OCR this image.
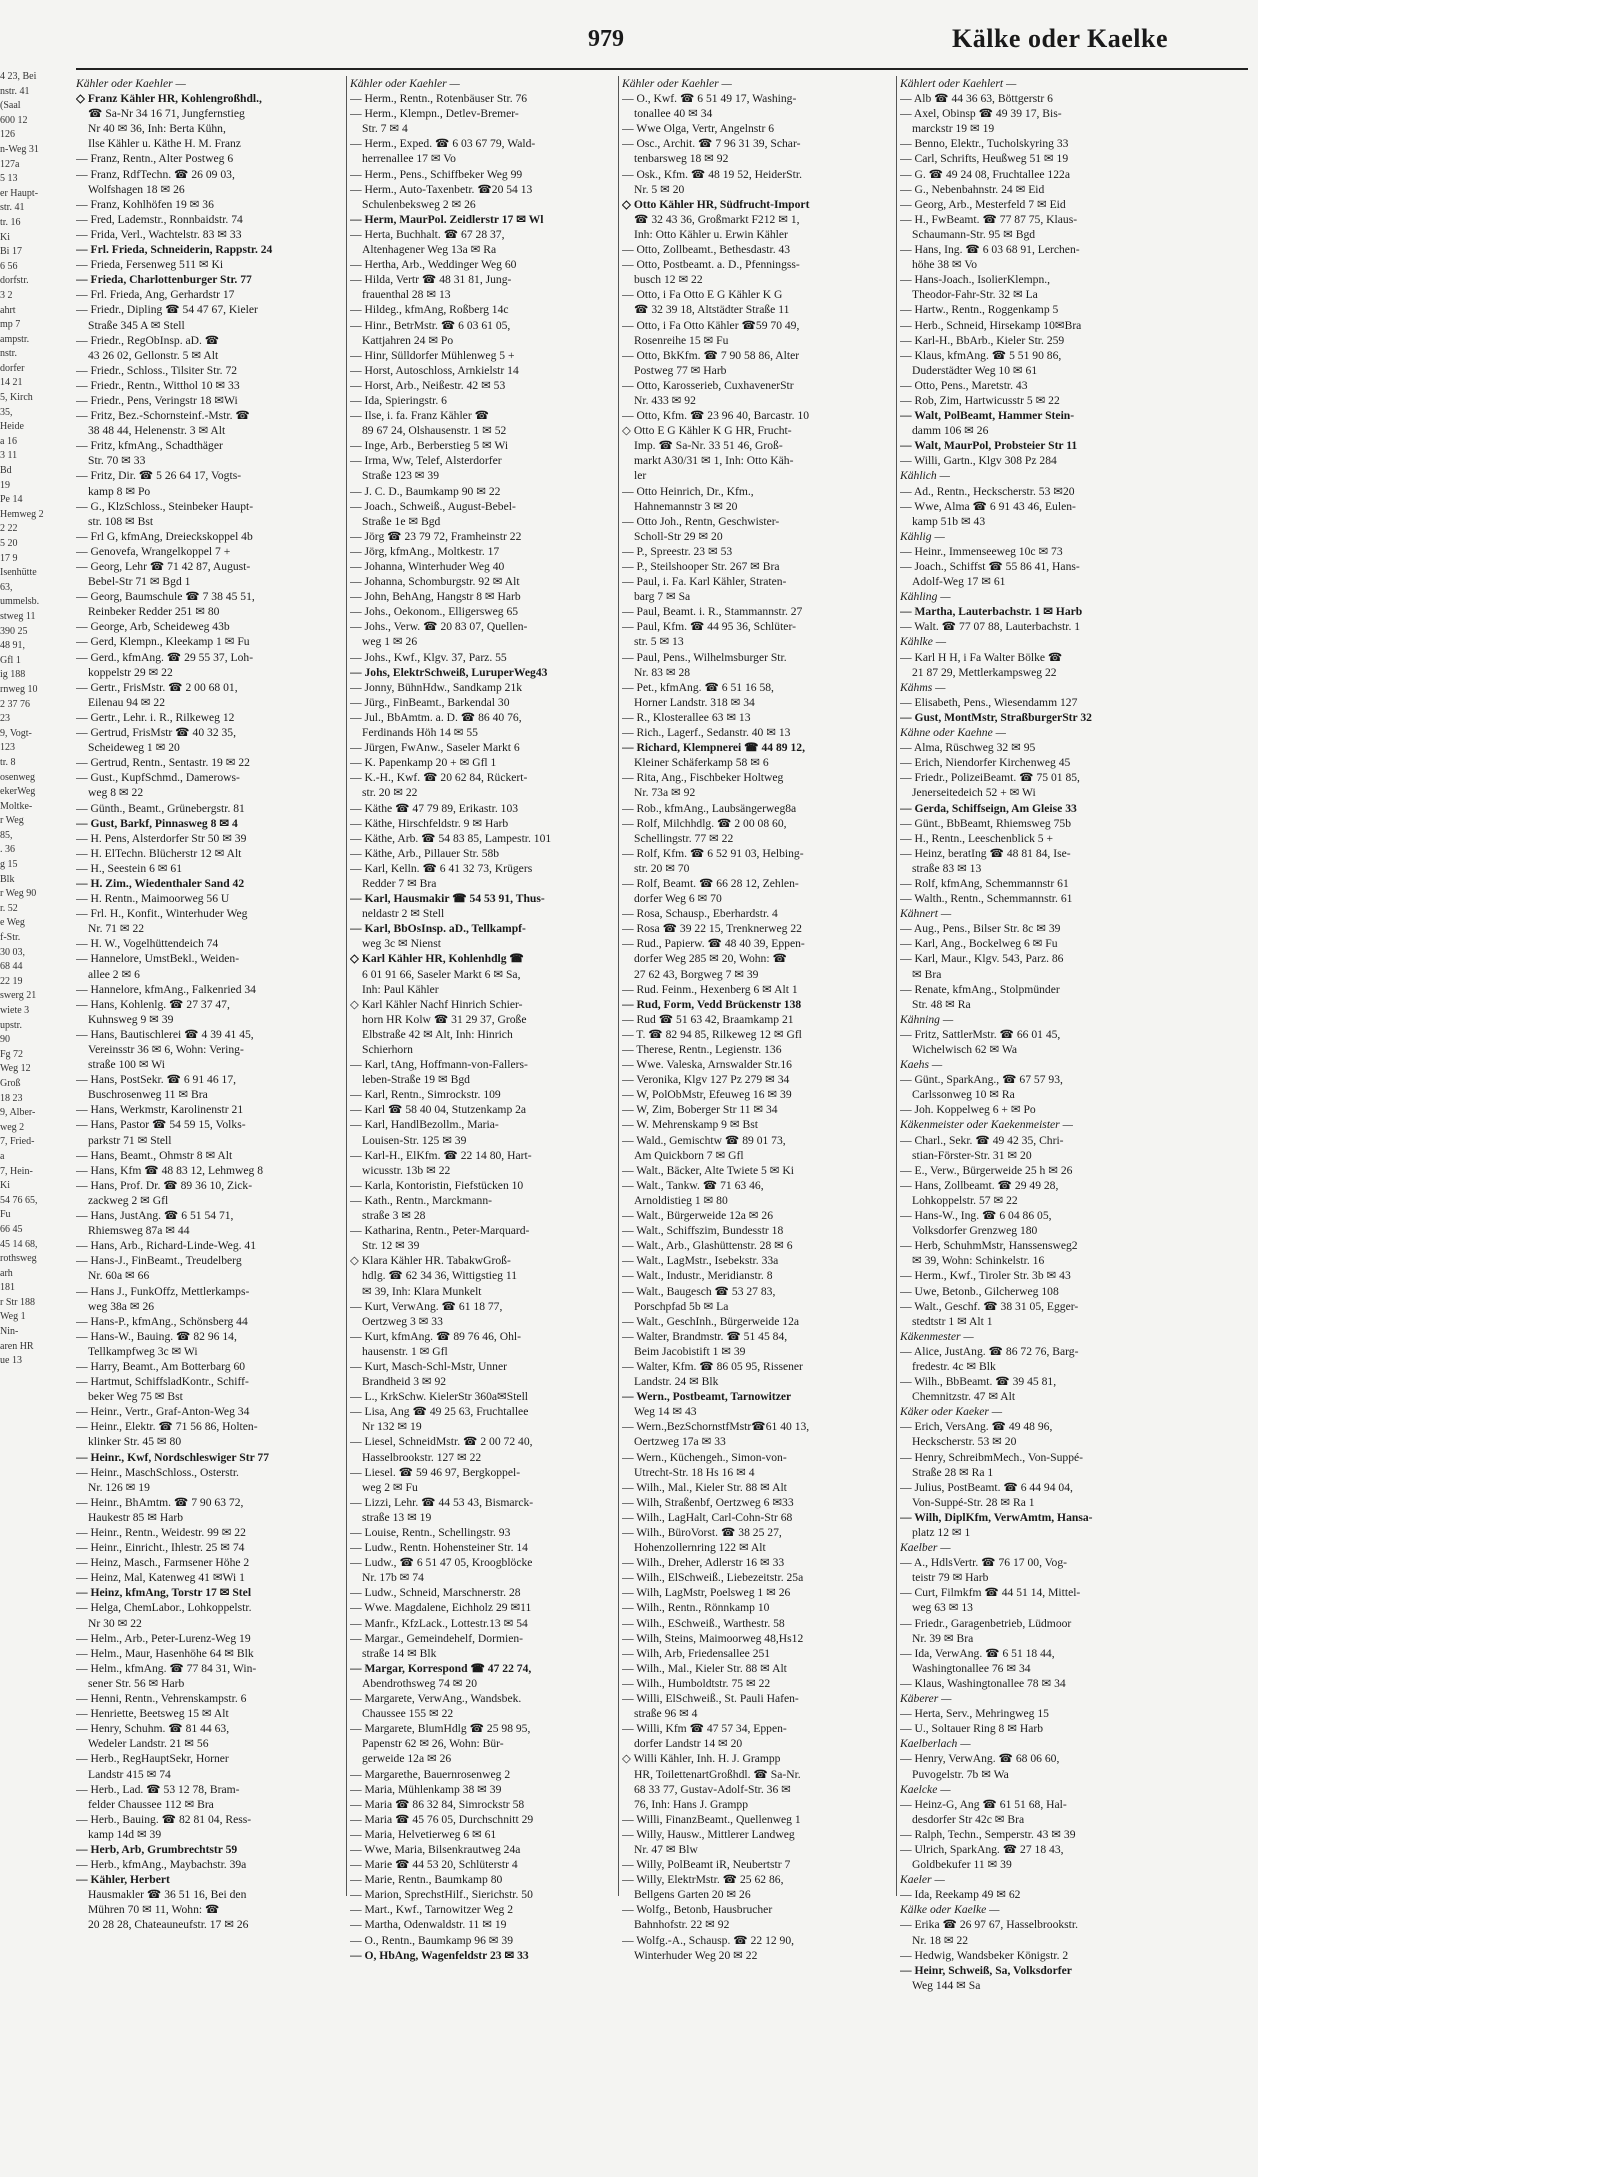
4 23, Bei
nstr. 41
(Saal
600 12
126
n-Weg 31
127a
5 13
er Haupt-
str. 41
tr. 16
Ki
Bi 17
6 56
dorfstr.
3 2
ahrt
mp 7
ampstr.
nstr.
dorfer
14 21
5, Kirch
35,
Heide
a 16
3 11
Bd
19
Pe 14
Hemweg 2
2 22
5 20
17 9
Isenhütte
63,
ummelsb.
stweg 11
390 25
48 91,
Gfl 1
ig 188
rnweg 10
2 37 76
23
9, Vogt-
123
tr. 8
osenweg
ekerWeg
Moltke-
r Weg
85,
. 36
g 15
Blk
r Weg 90
r. 52
e Weg
f-Str.
30 03,
68 44
22 19
swerg 21
wiete 3
upstr.
90
Fg 72
Weg 12
Groß
18 23
9, Alber-
weg 2
7, Fried-
a
7, Hein-
Ki
54 76 65,
Fu
66 45
45 14 68,
rothsweg
arh
181
r Str 188
Weg 1
Nin-
aren HR
ue 13
979	Kälke oder Kaelke
Kähler oder Kaehler —
◇ Franz Kähler HR, Kohlengroßhdl.,
☎ Sa-Nr 34 16 71, Jungfernstieg
Nr 40 ✉ 36, Inh: Berta Kühn,
Ilse Kähler u. Käthe H. M. Franz
— Franz, Rentn., Alter Postweg 6
— Franz, RdfTechn. ☎ 26 09 03,
Wolfshagen 18 ✉ 26
— Franz, Kohlhöfen 19 ✉ 36
— Fred, Lademstr., Ronnbaidstr. 74
— Frida, Verl., Wachtelstr. 83 ✉ 33
— Frl. Frieda, Schneiderin, Rappstr. 24
— Frieda, Fersenweg 511 ✉ Ki
— Frieda, Charlottenburger Str. 77
— Frl. Frieda, Ang, Gerhardstr 17
— Friedr., Dipling ☎ 54 47 67, Kieler
Straße 345 A ✉ Stell
— Friedr., RegObInsp. aD. ☎
43 26 02, Gellonstr. 5 ✉ Alt
— Friedr., Schloss., Tilsiter Str. 72
— Friedr., Rentn., Witthol 10 ✉ 33
— Friedr., Pens, Veringstr 18 ✉Wi
— Fritz, Bez.-Schornsteinf.-Mstr. ☎
38 48 44, Helenenstr. 3 ✉ Alt
— Fritz, kfmAng., Schadthäger
Str. 70 ✉ 33
— Fritz, Dir. ☎ 5 26 64 17, Vogts-
kamp 8 ✉ Po
— G., KlzSchloss., Steinbeker Haupt-
str. 108 ✉ Bst
— Frl G, kfmAng, Dreieckskoppel 4b
— Genovefa, Wrangelkoppel 7 +
— Georg, Lehr ☎ 71 42 87, August-
Bebel-Str 71 ✉ Bgd 1
— Georg, Baumschule ☎ 7 38 45 51,
Reinbeker Redder 251 ✉ 80
— George, Arb, Scheideweg 43b
— Gerd, Klempn., Kleekamp 1 ✉ Fu
— Gerd., kfmAng. ☎ 29 55 37, Loh-
koppelstr 29 ✉ 22
— Gertr., FrisMstr. ☎ 2 00 68 01,
Eilenau 94 ✉ 22
— Gertr., Lehr. i. R., Rilkeweg 12
— Gertrud, FrisMstr ☎ 40 32 35,
Scheideweg 1 ✉ 20
— Gertrud, Rentn., Sentastr. 19 ✉ 22
— Gust., KupfSchmd., Damerows-
weg 8 ✉ 22
— Günth., Beamt., Grünebergstr. 81
— Gust, Barkf, Pinnasweg 8 ✉ 4
— H. Pens, Alsterdorfer Str 50 ✉ 39
— H. ElTechn. Blücherstr 12 ✉ Alt
— H., Seestein 6 ✉ 61
— H. Zim., Wiedenthaler Sand 42
— H. Rentn., Maimoorweg 56 U
— Frl. H., Konfit., Winterhuder Weg
Nr. 71 ✉ 22
— H. W., Vogelhüttendeich 74
— Hannelore, UmstBekl., Weiden-
allee 2 ✉ 6
— Hannelore, kfmAng., Falkenried 34
— Hans, Kohlenlg. ☎ 27 37 47,
Kuhnsweg 9 ✉ 39
— Hans, Bautischlerei ☎ 4 39 41 45,
Vereinsstr 36 ✉ 6, Wohn: Vering-
straße 100 ✉ Wi
— Hans, PostSekr. ☎ 6 91 46 17,
Buschrosenweg 11 ✉ Bra
— Hans, Werkmstr, Karolinenstr 21
— Hans, Pastor ☎ 54 59 15, Volks-
parkstr 71 ✉ Stell
— Hans, Beamt., Ohmstr 8 ✉ Alt
— Hans, Kfm ☎ 48 83 12, Lehmweg 8
— Hans, Prof. Dr. ☎ 89 36 10, Zick-
zackweg 2 ✉ Gfl
— Hans, JustAng. ☎ 6 51 54 71,
Rhiemsweg 87a ✉ 44
— Hans, Arb., Richard-Linde-Weg. 41
— Hans-J., FinBeamt., Treudelberg
Nr. 60a ✉ 66
— Hans J., FunkOffz, Mettlerkamps-
weg 38a ✉ 26
— Hans-P., kfmAng., Schönsberg 44
— Hans-W., Bauing. ☎ 82 96 14,
Tellkampfweg 3c ✉ Wi
— Harry, Beamt., Am Botterbarg 60
— Hartmut, SchiffsladKontr., Schiff-
beker Weg 75 ✉ Bst
— Heinr., Vertr., Graf-Anton-Weg 34
— Heinr., Elektr. ☎ 71 56 86, Holten-
klinker Str. 45 ✉ 80
— Heinr., Kwf, Nordschleswiger Str 77
— Heinr., MaschSchloss., Osterstr.
Nr. 126 ✉ 19
— Heinr., BhAmtm. ☎ 7 90 63 72,
Haukestr 85 ✉ Harb
— Heinr., Rentn., Weidestr. 99 ✉ 22
— Heinr., Einricht., Ihlestr. 25 ✉ 74
— Heinz, Masch., Farmsener Höhe 2
— Heinz, Mal, Katenweg 41 ✉Wi 1
— Heinz, kfmAng, Torstr 17 ✉ Stel
— Helga, ChemLabor., Lohkoppelstr.
Nr 30 ✉ 22
— Helm., Arb., Peter-Lurenz-Weg 19
— Helm., Maur, Hasenhöhe 64 ✉ Blk
— Helm., kfmAng. ☎ 77 84 31, Win-
sener Str. 56 ✉ Harb
— Henni, Rentn., Vehrenskampstr. 6
— Henriette, Beetsweg 15 ✉ Alt
— Henry, Schuhm. ☎ 81 44 63,
Wedeler Landstr. 21 ✉ 56
— Herb., RegHauptSekr, Horner
Landstr 415 ✉ 74
— Herb., Lad. ☎ 53 12 78, Bram-
felder Chaussee 112 ✉ Bra
— Herb., Bauing. ☎ 82 81 04, Ress-
kamp 14d ✉ 39
— Herb, Arb, Grumbrechtstr 59
— Herb., kfmAng., Maybachstr. 39a
— Kähler, Herbert
Hausmakler ☎ 36 51 16, Bei den
Mühren 70 ✉ 11, Wohn: ☎
20 28 28, Chateauneufstr. 17 ✉ 26
Kähler oder Kaehler —
— Herm., Rentn., Rotenbäuser Str. 76
— Herm., Klempn., Detlev-Bremer-
Str. 7 ✉ 4
— Herm., Exped. ☎ 6 03 67 79, Wald-
herrenallee 17 ✉ Vo
— Herm., Pens., Schiffbeker Weg 99
— Herm., Auto-Taxenbetr. ☎20 54 13
Schulenbeksweg 2 ✉ 26
— Herm, MaurPol. Zeidlerstr 17 ✉ Wl
— Herta, Buchhalt. ☎ 67 28 37,
Altenhagener Weg 13a ✉ Ra
— Hertha, Arb., Weddinger Weg 60
— Hilda, Vertr ☎ 48 31 81, Jung-
frauenthal 28 ✉ 13
— Hildeg., kfmAng, Roßberg 14c
— Hinr., BetrMstr. ☎ 6 03 61 05,
Kattjahren 24 ✉ Po
— Hinr, Sülldorfer Mühlenweg 5 +
— Horst, Autoschloss, Arnkielstr 14
— Horst, Arb., Neißestr. 42 ✉ 53
— Ida, Spieringstr. 6
— Ilse, i. fa. Franz Kähler ☎
89 67 24, Olshausenstr. 1 ✉ 52
— Inge, Arb., Berberstieg 5 ✉ Wi
— Irma, Ww, Telef, Alsterdorfer
Straße 123 ✉ 39
— J. C. D., Baumkamp 90 ✉ 22
— Joach., Schweiß., August-Bebel-
Straße 1e ✉ Bgd
— Jörg ☎ 23 79 72, Framheinstr 22
— Jörg, kfmAng., Moltkestr. 17
— Johanna, Winterhuder Weg 40
— Johanna, Schomburgstr. 92 ✉ Alt
— John, BehAng, Hangstr 8 ✉ Harb
— Johs., Oekonom., Elligersweg 65
— Johs., Verw. ☎ 20 83 07, Quellen-
weg 1 ✉ 26
— Johs., Kwf., Klgv. 37, Parz. 55
— Johs, ElektrSchweiß, LuruperWeg43
— Jonny, BühnHdw., Sandkamp 21k
— Jürg., FinBeamt., Barkendal 30
— Jul., BbAmtm. a. D. ☎ 86 40 76,
Ferdinands Höh 14 ✉ 55
— Jürgen, FwAnw., Saseler Markt 6
— K. Papenkamp 20 + ✉ Gfl 1
— K.-H., Kwf. ☎ 20 62 84, Rückert-
str. 20 ✉ 22
— Käthe ☎ 47 79 89, Erikastr. 103
— Käthe, Hirschfeldstr. 9 ✉ Harb
— Käthe, Arb. ☎ 54 83 85, Lampestr. 101
— Käthe, Arb., Pillauer Str. 58b
— Karl, Kelln. ☎ 6 41 32 73, Krügers
Redder 7 ✉ Bra
— Karl, Hausmakir ☎ 54 53 91, Thus-
neldastr 2 ✉ Stell
— Karl, BbOsInsp. aD., Tellkampf-
weg 3c ✉ Nienst
◇ Karl Kähler HR, Kohlenhdlg ☎
6 01 91 66, Saseler Markt 6 ✉ Sa,
Inh: Paul Kähler
◇ Karl Kähler Nachf Hinrich Schier-
horn HR Kolw ☎ 31 29 37, Große
Elbstraße 42 ✉ Alt, Inh: Hinrich
Schierhorn
— Karl, tAng, Hoffmann-von-Fallers-
leben-Straße 19 ✉ Bgd
— Karl, Rentn., Simrockstr. 109
— Karl ☎ 58 40 04, Stutzenkamp 2a
— Karl, HandlBezollm., Maria-
Louisen-Str. 125 ✉ 39
— Karl-H., ElKfm. ☎ 22 14 80, Hart-
wicusstr. 13b ✉ 22
— Karla, Kontoristin, Fiefstücken 10
— Kath., Rentn., Marckmann-
straße 3 ✉ 28
— Katharina, Rentn., Peter-Marquard-
Str. 12 ✉ 39
◇ Klara Kähler HR. TabakwGroß-
hdlg. ☎ 62 34 36, Wittigstieg 11
✉ 39, Inh: Klara Munkelt
— Kurt, VerwAng. ☎ 61 18 77,
Oertzweg 3 ✉ 33
— Kurt, kfmAng. ☎ 89 76 46, Ohl-
hausenstr. 1 ✉ Gfl
— Kurt, Masch-Schl-Mstr, Unner
Brandheid 3 ✉ 92
— L., KrkSchw. KielerStr 360a✉Stell
— Lisa, Ang ☎ 49 25 63, Fruchtallee
Nr 132 ✉ 19
— Liesel, SchneidMstr. ☎ 2 00 72 40,
Hasselbrookstr. 127 ✉ 22
— Liesel. ☎ 59 46 97, Bergkoppel-
weg 2 ✉ Fu
— Lizzi, Lehr. ☎ 44 53 43, Bismarck-
straße 13 ✉ 19
— Louise, Rentn., Schellingstr. 93
— Ludw., Rentn. Hohensteiner Str. 14
— Ludw., ☎ 6 51 47 05, Kroogblöcke
Nr. 17b ✉ 74
— Ludw., Schneid, Marschnerstr. 28
— Wwe. Magdalene, Eichholz 29 ✉11
— Manfr., KfzLack., Lottestr.13 ✉ 54
— Margar., Gemeindehelf, Dormien-
straße 14 ✉ Blk
— Margar, Korrespond ☎ 47 22 74,
Abendrothsweg 74 ✉ 20
— Margarete, VerwAng., Wandsbek.
Chaussee 155 ✉ 22
— Margarete, BlumHdlg ☎ 25 98 95,
Papenstr 62 ✉ 26, Wohn: Bür-
gerweide 12a ✉ 26
— Margarethe, Bauernrosenweg 2
— Maria, Mühlenkamp 38 ✉ 39
— Maria ☎ 86 32 84, Simrockstr 58
— Maria ☎ 45 76 05, Durchschnitt 29
— Maria, Helvetierweg 6 ✉ 61
— Wwe, Maria, Bilsenkrautweg 24a
— Marie ☎ 44 53 20, Schlüterstr 4
— Marie, Rentn., Baumkamp 80
— Marion, SprechstHilf., Sierichstr. 50
— Mart., Kwf., Tarnowitzer Weg 2
— Martha, Odenwaldstr. 11 ✉ 19
— O., Rentn., Baumkamp 96 ✉ 39
— O, HbAng, Wagenfeldstr 23 ✉ 33
Kähler oder Kaehler —
— O., Kwf. ☎ 6 51 49 17, Washing-
tonallee 40 ✉ 34
— Wwe Olga, Vertr, Angelnstr 6
— Osc., Archit. ☎ 7 96 31 39, Schar-
tenbarsweg 18 ✉ 92
— Osk., Kfm. ☎ 48 19 52, HeiderStr.
Nr. 5 ✉ 20
◇ Otto Kähler HR, Südfrucht-Import
☎ 32 43 36, Großmarkt F212 ✉ 1,
Inh: Otto Kähler u. Erwin Kähler
— Otto, Zollbeamt., Bethesdastr. 43
— Otto, Postbeamt. a. D., Pfenningss-
busch 12 ✉ 22
— Otto, i Fa Otto E G Kähler K G
☎ 32 39 18, Altstädter Straße 11
— Otto, i Fa Otto Kähler ☎59 70 49,
Rosenreihe 15 ✉ Fu
— Otto, BkKfm. ☎ 7 90 58 86, Alter
Postweg 77 ✉ Harb
— Otto, Karosserieb, CuxhavenerStr
Nr. 433 ✉ 92
— Otto, Kfm. ☎ 23 96 40, Barcastr. 10
◇ Otto E G Kähler K G HR, Frucht-
Imp. ☎ Sa-Nr. 33 51 46, Groß-
markt A30/31 ✉ 1, Inh: Otto Käh-
ler
— Otto Heinrich, Dr., Kfm.,
Hahnemannstr 3 ✉ 20
— Otto Joh., Rentn, Geschwister-
Scholl-Str 29 ✉ 20
— P., Spreestr. 23 ✉ 53
— P., Steilshooper Str. 267 ✉ Bra
— Paul, i. Fa. Karl Kähler, Straten-
barg 7 ✉ Sa
— Paul, Beamt. i. R., Stammannstr. 27
— Paul, Kfm. ☎ 44 95 36, Schlüter-
str. 5 ✉ 13
— Paul, Pens., Wilhelmsburger Str.
Nr. 83 ✉ 28
— Pet., kfmAng. ☎ 6 51 16 58,
Horner Landstr. 318 ✉ 34
— R., Klosterallee 63 ✉ 13
— Rich., Lagerf., Sedanstr. 40 ✉ 13
— Richard, Klempnerei ☎ 44 89 12,
Kleiner Schäferkamp 58 ✉ 6
— Rita, Ang., Fischbeker Holtweg
Nr. 73a ✉ 92
— Rob., kfmAng., Laubsängerweg8a
— Rolf, Milchhdlg. ☎ 2 00 08 60,
Schellingstr. 77 ✉ 22
— Rolf, Kfm. ☎ 6 52 91 03, Helbing-
str. 20 ✉ 70
— Rolf, Beamt. ☎ 66 28 12, Zehlen-
dorfer Weg 6 ✉ 70
— Rosa, Schausp., Eberhardstr. 4
— Rosa ☎ 39 22 15, Trenknerweg 22
— Rud., Papierw. ☎ 48 40 39, Eppen-
dorfer Weg 285 ✉ 20, Wohn: ☎
27 62 43, Borgweg 7 ✉ 39
— Rud. Feinm., Hexenberg 6 ✉ Alt 1
— Rud, Form, Vedd Brückenstr 138
— Rud ☎ 51 63 42, Braamkamp 21
— T. ☎ 82 94 85, Rilkeweg 12 ✉ Gfl
— Therese, Rentn., Legienstr. 136
— Wwe. Valeska, Arnswalder Str.16
— Veronika, Klgv 127 Pz 279 ✉ 34
— W, PolObMstr, Efeuweg 16 ✉ 39
— W, Zim, Boberger Str 11 ✉ 34
— W. Mehrenskamp 9 ✉ Bst
— Wald., Gemischtw ☎ 89 01 73,
Am Quickborn 7 ✉ Gfl
— Walt., Bäcker, Alte Twiete 5 ✉ Ki
— Walt., Tankw. ☎ 71 63 46,
Arnoldistieg 1 ✉ 80
— Walt., Bürgerweide 12a ✉ 26
— Walt., Schiffszim, Bundesstr 18
— Walt., Arb., Glashüttenstr. 28 ✉ 6
— Walt., LagMstr., Isebekstr. 33a
— Walt., Industr., Meridianstr. 8
— Walt., Baugesch ☎ 53 27 83,
Porschpfad 5b ✉ La
— Walt., GeschInh., Bürgerweide 12a
— Walter, Brandmstr. ☎ 51 45 84,
Beim Jacobistift 1 ✉ 39
— Walter, Kfm. ☎ 86 05 95, Rissener
Landstr. 24 ✉ Blk
— Wern., Postbeamt, Tarnowitzer
Weg 14 ✉ 43
— Wern.,BezSchornstfMstr☎61 40 13,
Oertzweg 17a ✉ 33
— Wern., Küchengeh., Simon-von-
Utrecht-Str. 18 Hs 16 ✉ 4
— Wilh., Mal., Kieler Str. 88 ✉ Alt
— Wilh, Straßenbf, Oertzweg 6 ✉33
— Wilh., LagHalt, Carl-Cohn-Str 68
— Wilh., BüroVorst. ☎ 38 25 27,
Hohenzollernring 122 ✉ Alt
— Wilh., Dreher, Adlerstr 16 ✉ 33
— Wilh., ElSchweiß., Liebezeitstr. 25a
— Wilh, LagMstr, Poelsweg 1 ✉ 26
— Wilh., Rentn., Rönnkamp 10
— Wilh., ESchweiß., Warthestr. 58
— Wilh, Steins, Maimoorweg 48,Hs12
— Wilh, Arb, Friedensallee 251
— Wilh., Mal., Kieler Str. 88 ✉ Alt
— Wilh., Humboldtstr. 75 ✉ 22
— Willi, ElSchweiß., St. Pauli Hafen-
straße 96 ✉ 4
— Willi, Kfm ☎ 47 57 34, Eppen-
dorfer Landstr 14 ✉ 20
◇ Willi Kähler, Inh. H. J. Grampp
HR, ToilettenartGroßhdl. ☎ Sa-Nr.
68 33 77, Gustav-Adolf-Str. 36 ✉
76, Inh: Hans J. Grampp
— Willi, FinanzBeamt., Quellenweg 1
— Willy, Hausw., Mittlerer Landweg
Nr. 47 ✉ Blw
— Willy, PolBeamt iR, Neubertstr 7
— Willy, ElektrMstr. ☎ 25 62 86,
Bellgens Garten 20 ✉ 26
— Wolfg., Betonb, Hausbrucher
Bahnhofstr. 22 ✉ 92
— Wolfg.-A., Schausp. ☎ 22 12 90,
Winterhuder Weg 20 ✉ 22
Kählert oder Kaehlert —
— Alb ☎ 44 36 63, Böttgerstr 6
— Axel, Obinsp ☎ 49 39 17, Bis-
marckstr 19 ✉ 19
— Benno, Elektr., Tucholskyring 33
— Carl, Schrifts, Heußweg 51 ✉ 19
— G. ☎ 49 24 08, Fruchtallee 122a
— G., Nebenbahnstr. 24 ✉ Eid
— Georg, Arb., Mesterfeld 7 ✉ Eid
— H., FwBeamt. ☎ 77 87 75, Klaus-
Schaumann-Str. 95 ✉ Bgd
— Hans, Ing. ☎ 6 03 68 91, Lerchen-
höhe 38 ✉ Vo
— Hans-Joach., IsolierKlempn.,
Theodor-Fahr-Str. 32 ✉ La
— Hartw., Rentn., Roggenkamp 5
— Herb., Schneid, Hirsekamp 10✉Bra
— Karl-H., BbArb., Kieler Str. 259
— Klaus, kfmAng. ☎ 5 51 90 86,
Duderstädter Weg 10 ✉ 61
— Otto, Pens., Maretstr. 43
— Rob, Zim, Hartwicusstr 5 ✉ 22
— Walt, PolBeamt, Hammer Stein-
damm 106 ✉ 26
— Walt, MaurPol, Probsteier Str 11
— Willi, Gartn., Klgv 308 Pz 284
Kählich —
— Ad., Rentn., Heckscherstr. 53 ✉20
— Wwe, Alma ☎ 6 91 43 46, Eulen-
kamp 51b ✉ 43
Kählig —
— Heinr., Immenseeweg 10c ✉ 73
— Joach., Schiffst ☎ 55 86 41, Hans-
Adolf-Weg 17 ✉ 61
Kähling —
— Martha, Lauterbachstr. 1 ✉ Harb
— Walt. ☎ 77 07 88, Lauterbachstr. 1
Kählke —
— Karl H H, i Fa Walter Bölke ☎
21 87 29, Mettlerkampsweg 22
Kähms —
— Elisabeth, Pens., Wiesendamm 127
— Gust, MontMstr, StraßburgerStr 32
Kähne oder Kaehne —
— Alma, Rüschweg 32 ✉ 95
— Erich, Niendorfer Kirchenweg 45
— Friedr., PolizeiBeamt. ☎ 75 01 85,
Jenerseitedeich 52 + ✉ Wi
— Gerda, Schiffseign, Am Gleise 33
— Günt., BbBeamt, Rhiemsweg 75b
— H., Rentn., Leeschenblick 5 +
— Heinz, beratIng ☎ 48 81 84, Ise-
straße 83 ✉ 13
— Rolf, kfmAng, Schemmannstr 61
— Walth., Rentn., Schemmannstr. 61
Kähnert —
— Aug., Pens., Bilser Str. 8c ✉ 39
— Karl, Ang., Bockelweg 6 ✉ Fu
— Karl, Maur., Klgv. 543, Parz. 86
✉ Bra
— Renate, kfmAng., Stolpmünder
Str. 48 ✉ Ra
Kähning —
— Fritz, SattlerMstr. ☎ 66 01 45,
Wichelwisch 62 ✉ Wa
Kaehs —
— Günt., SparkAng., ☎ 67 57 93,
Carlssonweg 10 ✉ Ra
— Joh. Koppelweg 6 + ✉ Po
Käkenmeister oder Kaekenmeister —
— Charl., Sekr. ☎ 49 42 35, Chri-
stian-Förster-Str. 31 ✉ 20
— E., Verw., Bürgerweide 25 h ✉ 26
— Hans, Zollbeamt. ☎ 29 49 28,
Lohkoppelstr. 57 ✉ 22
— Hans-W., Ing. ☎ 6 04 86 05,
Volksdorfer Grenzweg 180
— Herb, SchuhmMstr, Hanssensweg2
✉ 39, Wohn: Schinkelstr. 16
— Herm., Kwf., Tiroler Str. 3b ✉ 43
— Uwe, Betonb., Gilcherweg 108
— Walt., Geschf. ☎ 38 31 05, Egger-
stedtstr 1 ✉ Alt 1
Käkenmester —
— Alice, JustAng. ☎ 86 72 76, Barg-
fredestr. 4c ✉ Blk
— Wilh., BbBeamt. ☎ 39 45 81,
Chemnitzstr. 47 ✉ Alt
Käker oder Kaeker —
— Erich, VersAng. ☎ 49 48 96,
Heckscherstr. 53 ✉ 20
— Henry, SchreibmMech., Von-Suppé-
Straße 28 ✉ Ra 1
— Julius, PostBeamt. ☎ 6 44 94 04,
Von-Suppé-Str. 28 ✉ Ra 1
— Wilh, DiplKfm, VerwAmtm, Hansa-
platz 12 ✉ 1
Kaelber —
— A., HdlsVertr. ☎ 76 17 00, Vog-
teistr 79 ✉ Harb
— Curt, Filmkfm ☎ 44 51 14, Mittel-
weg 63 ✉ 13
— Friedr., Garagenbetrieb, Lüdmoor
Nr. 39 ✉ Bra
— Ida, VerwAng. ☎ 6 51 18 44,
Washingtonallee 76 ✉ 34
— Klaus, Washingtonallee 78 ✉ 34
Käberer —
— Herta, Serv., Mehringweg 15
— U., Soltauer Ring 8 ✉ Harb
Kaelberlach —
— Henry, VerwAng. ☎ 68 06 60,
Puvogelstr. 7b ✉ Wa
Kaelcke —
— Heinz-G, Ang ☎ 61 51 68, Hal-
desdorfer Str 42c ✉ Bra
— Ralph, Techn., Semperstr. 43 ✉ 39
— Ulrich, SparkAng. ☎ 27 18 43,
Goldbekufer 11 ✉ 39
Kaeler —
— Ida, Reekamp 49 ✉ 62
Kälke oder Kaelke —
— Erika ☎ 26 97 67, Hasselbrookstr.
Nr. 18 ✉ 22
— Hedwig, Wandsbeker Königstr. 2
— Heinr, Schweiß, Sa, Volksdorfer
Weg 144 ✉ Sa
